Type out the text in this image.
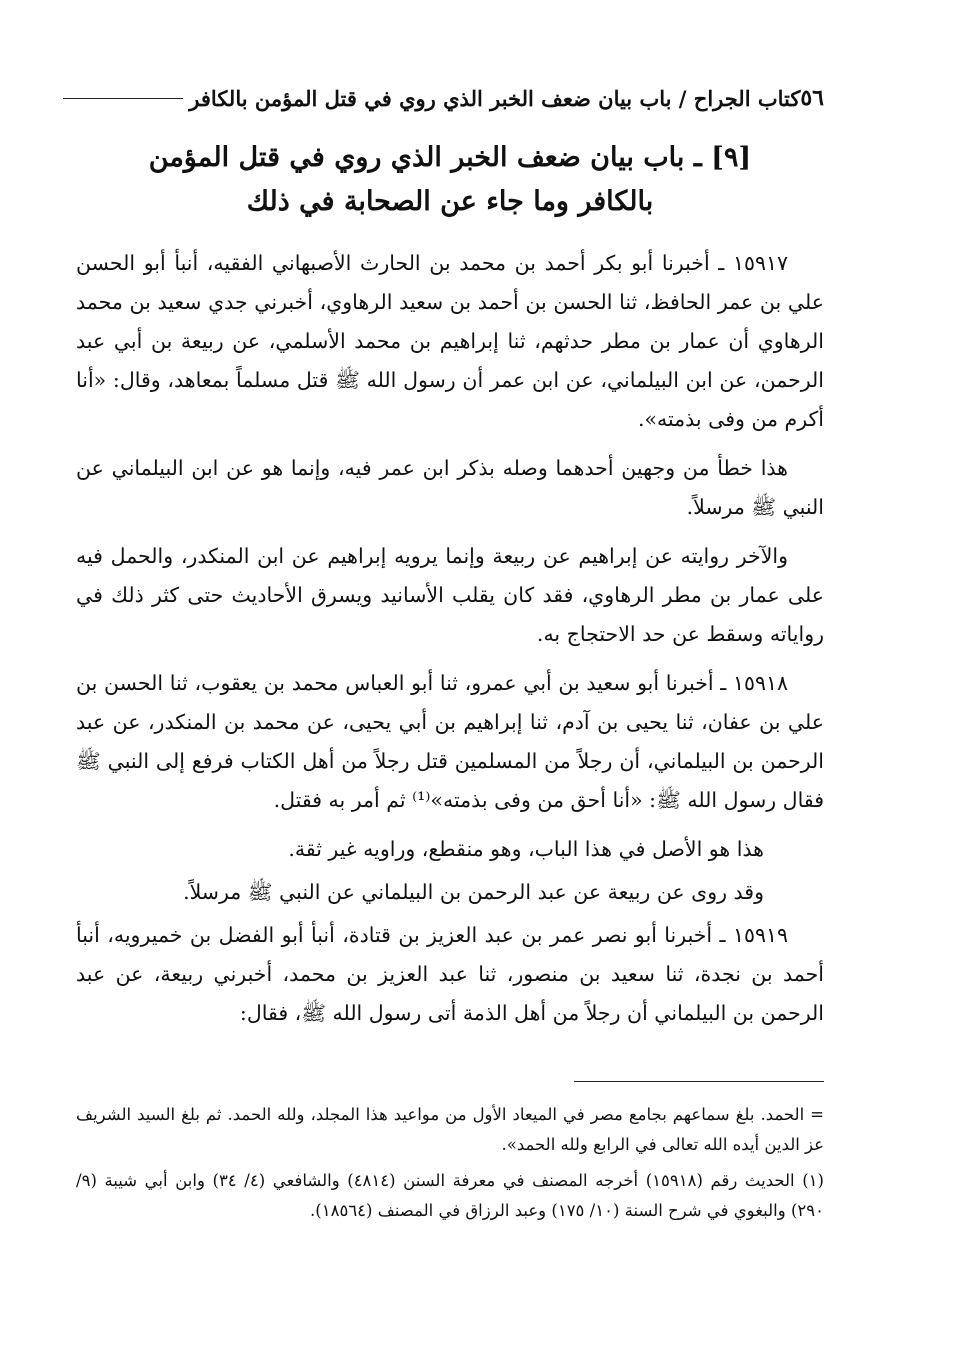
٥٦
كتاب الجراح / باب بيان ضعف الخبر الذي روي في قتل المؤمن بالكافر
[٩] ـ باب بيان ضعف الخبر الذي روي في قتل المؤمن
بالكافر وما جاء عن الصحابة في ذلك

١٥٩١٧ ـ أخبرنا أبو بكر أحمد بن محمد بن الحارث الأصبهاني الفقيه، أنبأ أبو الحسن علي بن عمر الحافظ، ثنا الحسن بن أحمد بن سعيد الرهاوي، أخبرني جدي سعيد بن محمد الرهاوي أن عمار بن مطر حدثهم، ثنا إبراهيم بن محمد الأسلمي، عن ربيعة بن أبي عبد الرحمن، عن ابن البيلماني، عن ابن عمر أن رسول الله ﷺ قتل مسلماً بمعاهد، وقال: «أنا أكرم من وفى بذمته».

هذا خطأ من وجهين أحدهما وصله بذكر ابن عمر فيه، وإنما هو عن ابن البيلماني عن النبي ﷺ مرسلاً.

والآخر روايته عن إبراهيم عن ربيعة وإنما يرويه إبراهيم عن ابن المنكدر، والحمل فيه على عمار بن مطر الرهاوي، فقد كان يقلب الأسانيد ويسرق الأحاديث حتى كثر ذلك في رواياته وسقط عن حد الاحتجاج به.

١٥٩١٨ ـ أخبرنا أبو سعيد بن أبي عمرو، ثنا أبو العباس محمد بن يعقوب، ثنا الحسن بن علي بن عفان، ثنا يحيى بن آدم، ثنا إبراهيم بن أبي يحيى، عن محمد بن المنكدر، عن عبد الرحمن بن البيلماني، أن رجلاً من المسلمين قتل رجلاً من أهل الكتاب فرفع إلى النبي ﷺ فقال رسول الله ﷺ: «أنا أحق من وفى بذمته»⁽¹⁾ ثم أمر به فقتل.

هذا هو الأصل في هذا الباب، وهو منقطع، وراويه غير ثقة.

وقد روى عن ربيعة عن عبد الرحمن بن البيلماني عن النبي ﷺ مرسلاً.

١٥٩١٩ ـ أخبرنا أبو نصر عمر بن عبد العزيز بن قتادة، أنبأ أبو الفضل بن خميرويه، أنبأ أحمد بن نجدة، ثنا سعيد بن منصور، ثنا عبد العزيز بن محمد، أخبرني ربيعة، عن عبد الرحمن بن البيلماني أن رجلاً من أهل الذمة أتى رسول الله ﷺ، فقال:

= الحمد. بلغ سماعهم بجامع مصر في الميعاد الأول من مواعيد هذا المجلد، ولله الحمد. ثم بلغ السيد الشريف عز الدين أيده الله تعالى في الرابع ولله الحمد».

(١) الحديث رقم (١٥٩١٨) أخرجه المصنف في معرفة السنن (٤٨١٤) والشافعي (٤/ ٣٤) وابن أبي شيبة (٩/ ٢٩٠) والبغوي في شرح السنة (١٠/ ١٧٥) وعبد الرزاق في المصنف (١٨٥٦٤).
